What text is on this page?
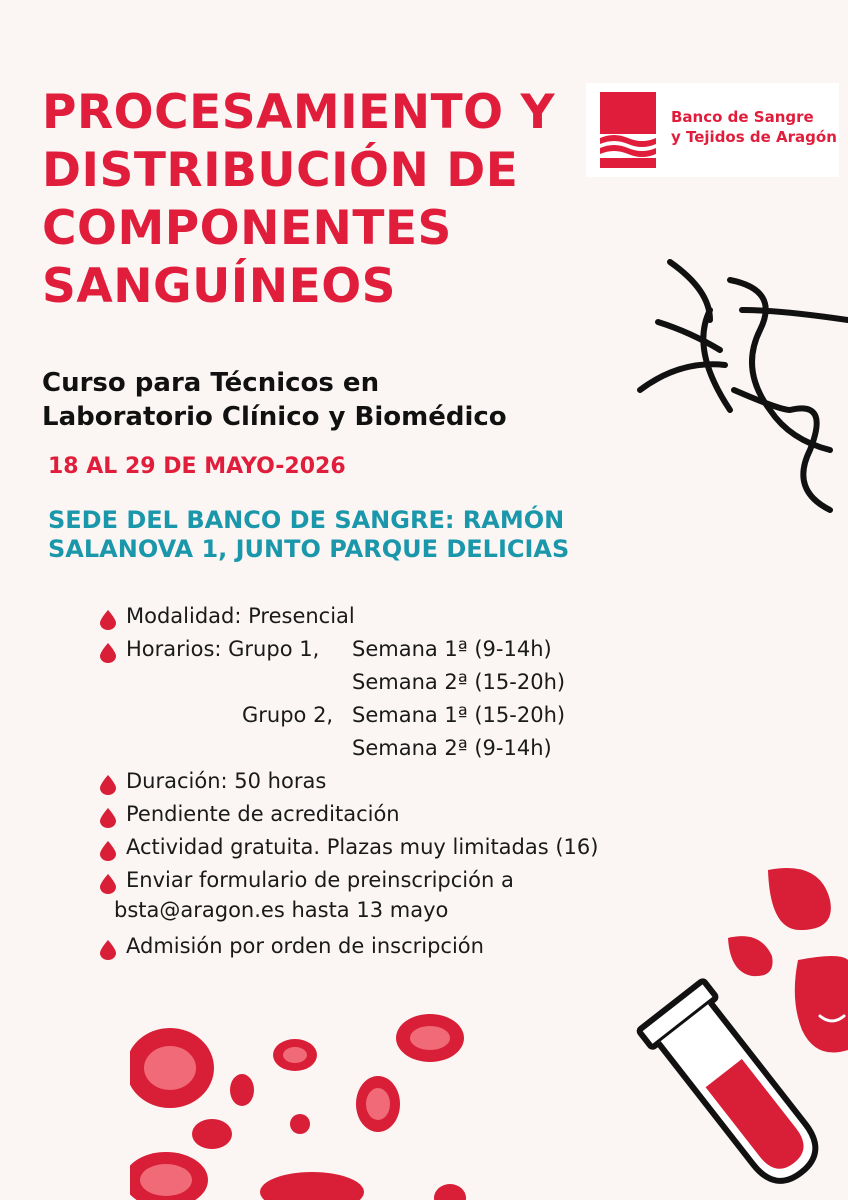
PROCESAMIENTO Y
DISTRIBUCIÓN DE
COMPONENTES
SANGUÍNEOS
Banco de Sangre
y Tejidos de Aragón
Curso para Técnicos en
Laboratorio Clínico y Biomédico
18 AL 29 DE MAYO-2026
SEDE DEL BANCO DE SANGRE: RAMÓN
SALANOVA 1, JUNTO PARQUE DELICIAS
Modalidad: Presencial
Horarios: Grupo 1, Semana 1ª (9-14h)
Semana 2ª (15-20h)
Grupo 2, Semana 1ª (15-20h)
Semana 2ª (9-14h)
Duración: 50 horas
Pendiente de acreditación
Actividad gratuita. Plazas muy limitadas (16)
Enviar formulario de preinscripción a
bsta@aragon.es hasta 13 mayo
Admisión por orden de inscripción
